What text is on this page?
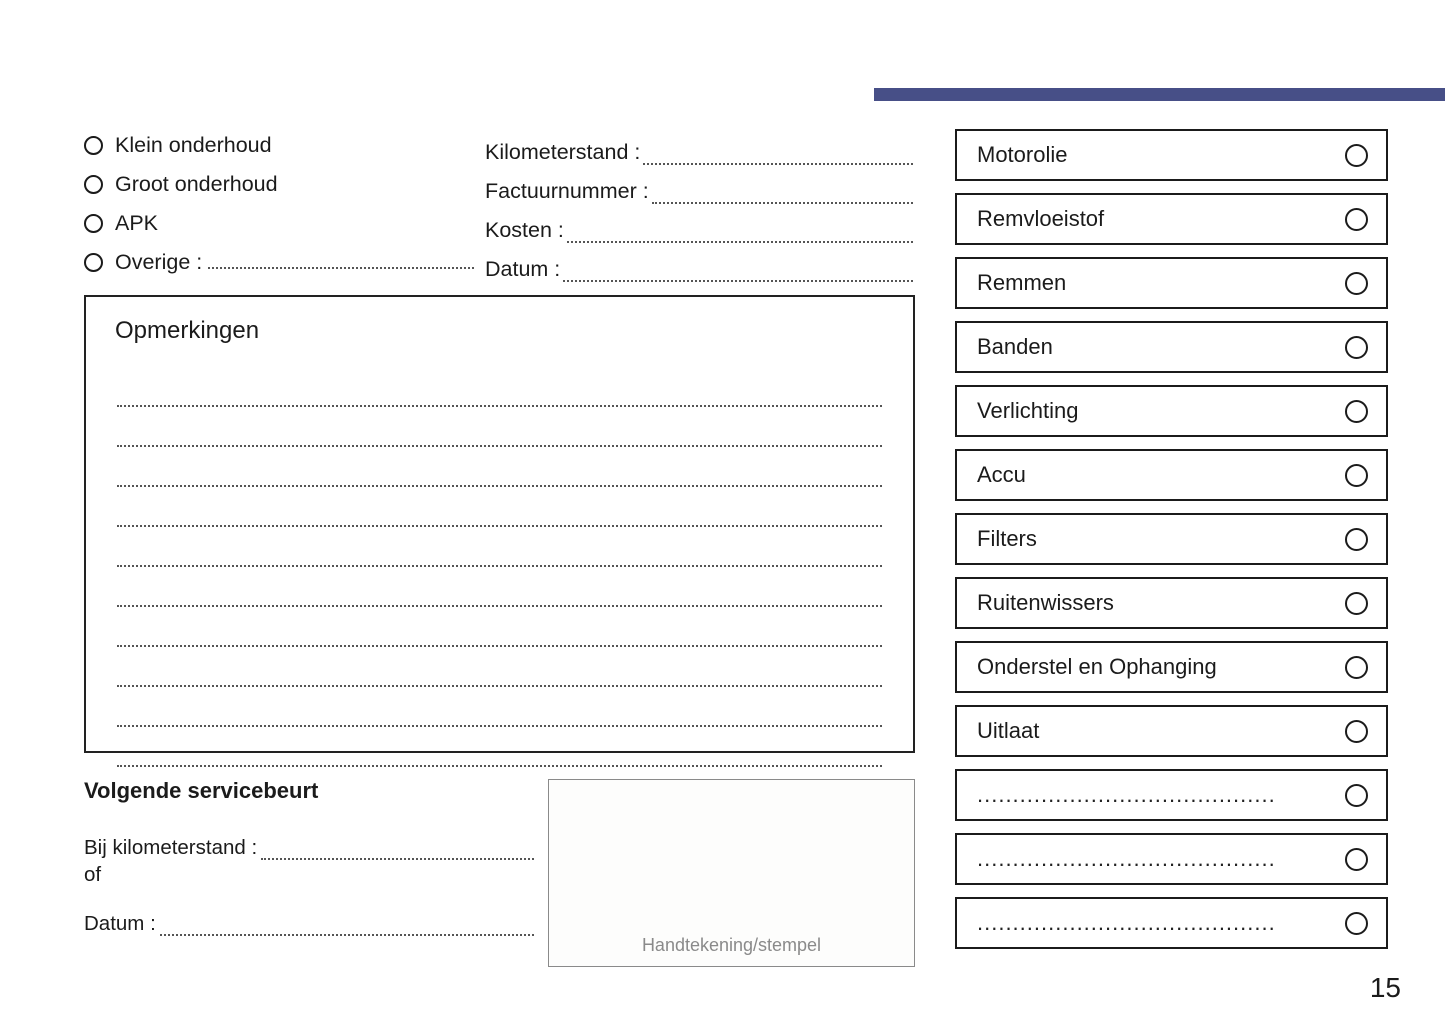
Klein onderhoud
Groot onderhoud
APK
Overige :
Kilometerstand :
Factuurnummer :
Kosten :
Datum :
Opmerkingen
Volgende servicebeurt
Bij kilometerstand :
of
Datum :
Handtekening/stempel
Motorolie
Remvloeistof
Remmen
Banden
Verlichting
Accu
Filters
Ruitenwissers
Onderstel en Ophanging
Uitlaat
..........................................
..........................................
..........................................
15
